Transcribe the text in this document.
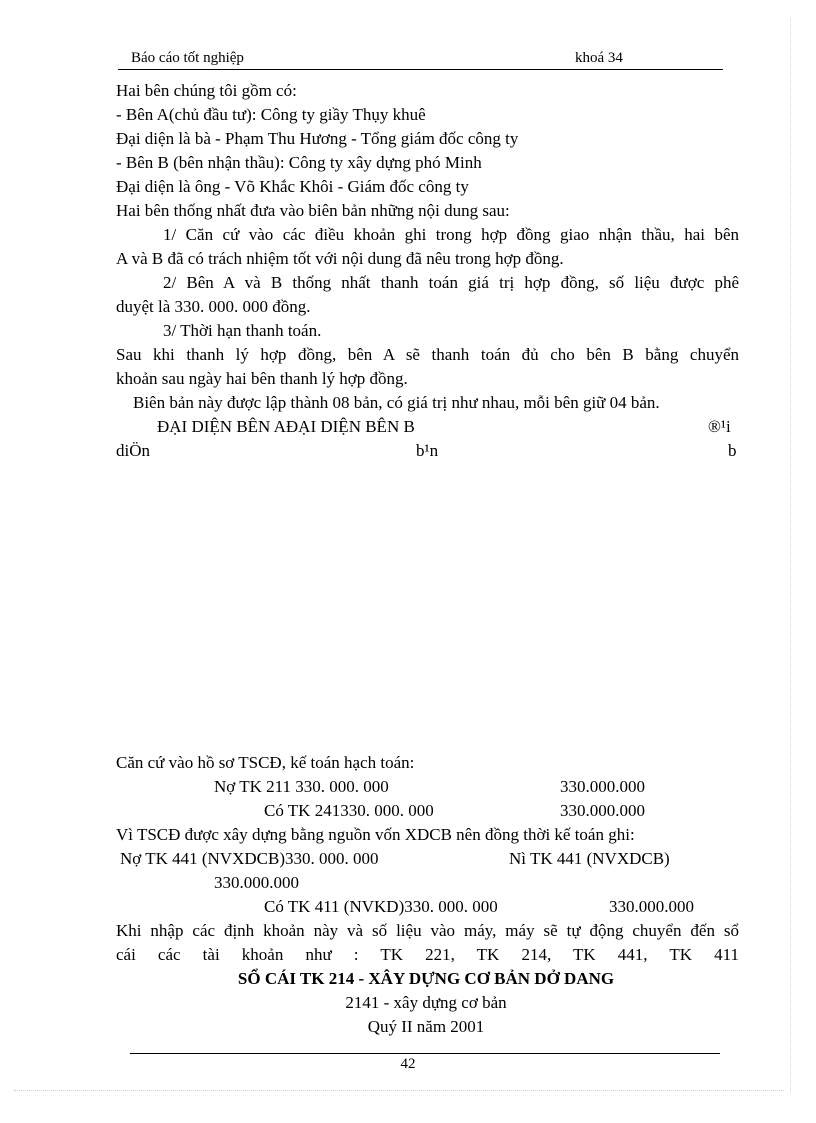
Báo cáo tốt nghiệp	khoá 34
Hai bên chúng tôi gồm có:
- Bên A(chủ đầu tư): Công ty giầy Thụy khuê
Đại diện là bà - Phạm Thu Hương - Tổng giám đốc công ty
- Bên B (bên nhận thầu): Công ty xây dựng phó Minh
Đại diện là ông - Võ Khắc Khôi - Giám đốc công ty
Hai bên thống nhất đưa vào biên bản những nội dung sau:
1/ Căn cứ vào các điều khoản ghi trong hợp đồng giao nhận thầu, hai bên
A và B đã có trách nhiệm tốt với nội dung đã nêu trong hợp đồng.
2/ Bên A và B thống nhất thanh toán giá trị hợp đồng, số liệu được phê
duyệt là 330. 000. 000 đồng.
3/ Thời hạn thanh toán.
Sau khi thanh lý hợp đồng, bên A sẽ thanh toán đủ cho bên B bằng chuyển
khoản sau ngày hai bên thanh lý hợp đồng.
Biên bản này được lập thành 08 bản, có giá trị như nhau, mỗi bên giữ 04 bản.
ĐẠI DIỆN BÊN AĐẠI DIỆN BÊN B	®¹i
diÖn	b¹n	b
Căn cứ vào hồ sơ TSCĐ, kế toán hạch toán:
Nợ TK 211 330. 000. 000	330.000.000
Có TK 241330. 000. 000	330.000.000
Vì TSCĐ được xây dựng bằng nguồn vốn XDCB nên đồng thời kế toán ghi:
Nợ TK 441 (NVXDCB)330. 000. 000	Nì TK 441 (NVXDCB)
330.000.000
Có TK 411 (NVKD)330. 000. 000	330.000.000
Khi nhập các định khoản này và số liệu vào máy, máy sẽ tự động chuyển đến sổ
cái các tài khoản như : TK 221, TK 214, TK 441, TK 411
SỔ CÁI TK 214 - XÂY DỰNG CƠ BẢN DỞ DANG
2141 - xây dựng cơ bản
Quý II năm 2001
42
